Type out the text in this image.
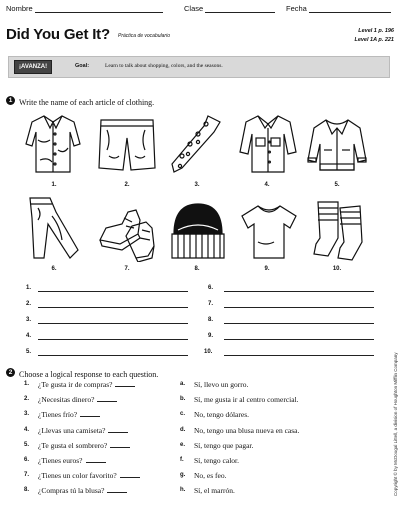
Nombre	Clase	Fecha
Did You Get It? Práctica de vocabulario
Level 1 p. 196
Level 1A p. 221
¡AVANZA!	Goal:	Learn to talk about shopping, colors, and the seasons.
1 Write the name of each article of clothing.
1.	2.	3.	4.	5.
6.	7.	8.	9.	10.
1.
2.
3.
4.
5.
6.
7.
8.
9.
10.
2 Choose a logical response to each question.
1.	¿Te gusta ir de compras?	a. Sí, llevo un gorro.
2.	¿Necesitas dinero?	b. Sí, me gusta ir al centro comercial.
3.	¿Tienes frío?	c. No, tengo dólares.
4.	¿Llevas una camiseta?	d. No, tengo una blusa nueva en casa.
5.	¿Te gusta el sombrero?	e. Sí, tengo que pagar.
6.	¿Tienes euros?	f. Sí, tengo calor.
7.	¿Tienes un color favorito?	g. No, es feo.
8.	¿Compras tú la blusa?	h. Sí, el marrón.	Copyright © by McDougal Littell, a division of Houghton Mifflin Company
